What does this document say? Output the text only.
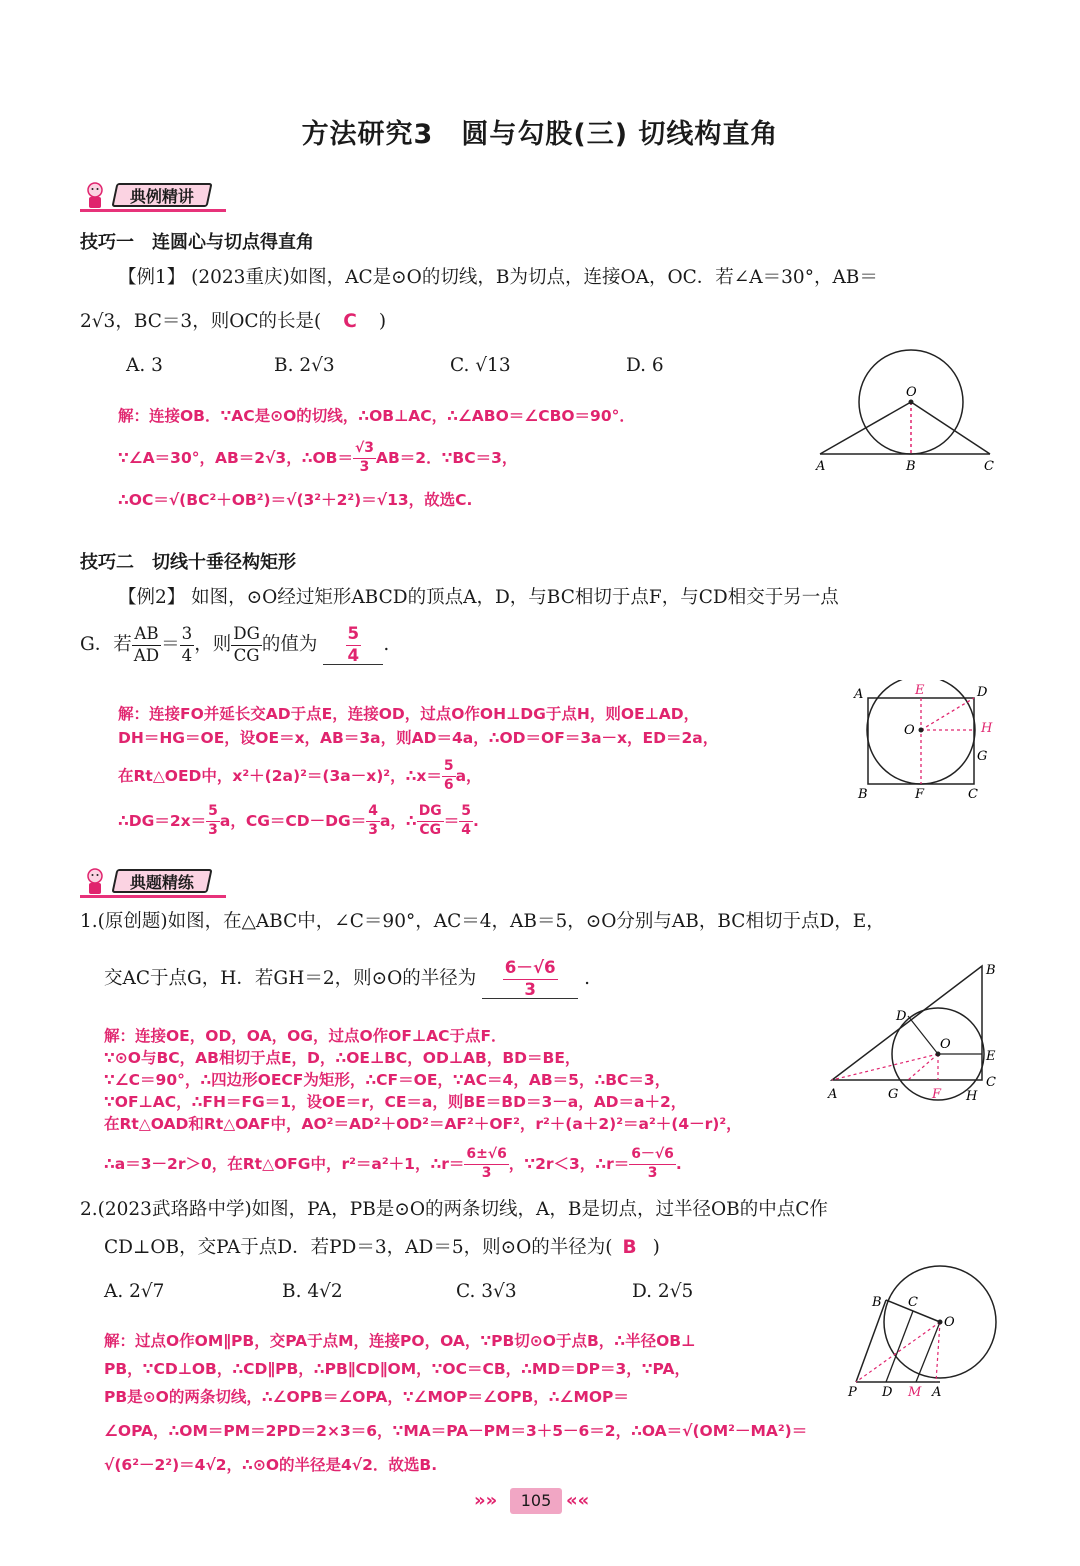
方法研究3　圆与勾股(三) 切线构直角
典例精讲
技巧一　连圆心与切点得直角
【例1】 (2023重庆)如图，AC是⊙O的切线，B为切点，连接OA，OC．若∠A＝30°，AB＝
2√3，BC＝3，则OC的长是( C )
A. 3	B. 2√3	C. √13	D. 6
解：连接OB．∵AC是⊙O的切线，∴OB⊥AC，∴∠ABO＝∠CBO＝90°．
∵∠A＝30°，AB＝2√3，∴OB＝ $\frac{√3}{3} AB=2$．∵BC＝3，
∴OC＝√(BC²＋OB²)＝√(3²＋2²)＝√13，故选C.
O
A	B	C
技巧二　切线十垂径构矩形
【例2】 如图，⊙O经过矩形ABCD的顶点A，D，与BC相切于点F，与CD相交于另一点
G．若 $\frac{AB}{AD} = \frac{3}{4}$ ，则 $\frac{DG}{CG}$ 的值为 $\frac{5}{4}$ .
解：连接FO并延长交AD于点E，连接OD，过点O作OH⊥DG于点H，则OE⊥AD，
DH＝HG＝OE，设OE＝x，AB＝3a，则AD＝4a，∴OD＝OF＝3a－x，ED＝2a，
在Rt△OED中，x²＋(2a)²＝(3a－x)²，∴x＝ $\frac{5}{6}$ a，
∴DG＝2x＝ $\frac{5}{3}$ a，$CG=CD-DG= \frac{4}{3}$ a，∴ $\frac{DG}{CG} = \frac{5}{4}$ .
A	E	D
O	H
G
B	F	C
典题精练
1.(原创题)如图，在△ABC中，∠C＝90°，AC＝4，AB＝5，⊙O分别与AB，BC相切于点D，E，
交AC于点G，H．若GH＝2，则⊙O的半径为 $\frac{6-√6}{3}$ .
解：连接OE，OD，OA，OG，过点O作OF⊥AC于点F．
∵⊙O与BC，AB相切于点E，D，∴OE⊥BC，OD⊥AB，BD＝BE，
∵∠C＝90°，∴四边形OECF为矩形，∴CF＝OE，∵AC＝4，AB＝5，∴BC＝3，
∵OF⊥AC，∴FH＝FG＝1，设OE＝r，CE＝a，则BE＝BD＝3－a，AD＝a＋2，
在Rt△OAD和Rt△OAF中，AO²＝AD²＋OD²＝AF²＋OF²，r²＋(a＋2)²＝a²＋(4－r)²，
∴a＝3－2r＞0，在Rt△OFG中，r²＝a²＋1，∴r＝ $\frac{6\pm√6}{3}$ ，∵2r＜3，∴r＝ $\frac{6-√6}{3}$ .
B
D
O
E
A	G	F H
C
2.(2023武珞路中学)如图，PA，PB是⊙O的两条切线，A，B是切点，过半径OB的中点C作
CD⊥OB，交PA于点D．若PD＝3，AD＝5，则⊙O的半径为( B )
A. 2√7	B. 4√2	C. 3√3	D. 2√5
解：过点O作OM∥PB，交PA于点M，连接PO，OA，∵PB切⊙O于点B，∴半径OB⊥
PB，∵CD⊥OB，∴CD∥PB，∴PB∥CD∥OM，∵OC＝CB，∴MD＝DP＝3，∵PA，
PB是⊙O的两条切线，∴∠OPB＝∠OPA，∵∠MOP＝∠OPB，∴∠MOP＝
∠OPA，∴OM＝PM＝2PD＝2×3＝6，∵MA＝PA－PM＝3＋5－6＝2，∴OA＝√(OM²－MA²)＝
√(6²－2²)＝4√2，∴⊙O的半径是4√2．故选B.
B C
O
P D M A
»»	105 ««
